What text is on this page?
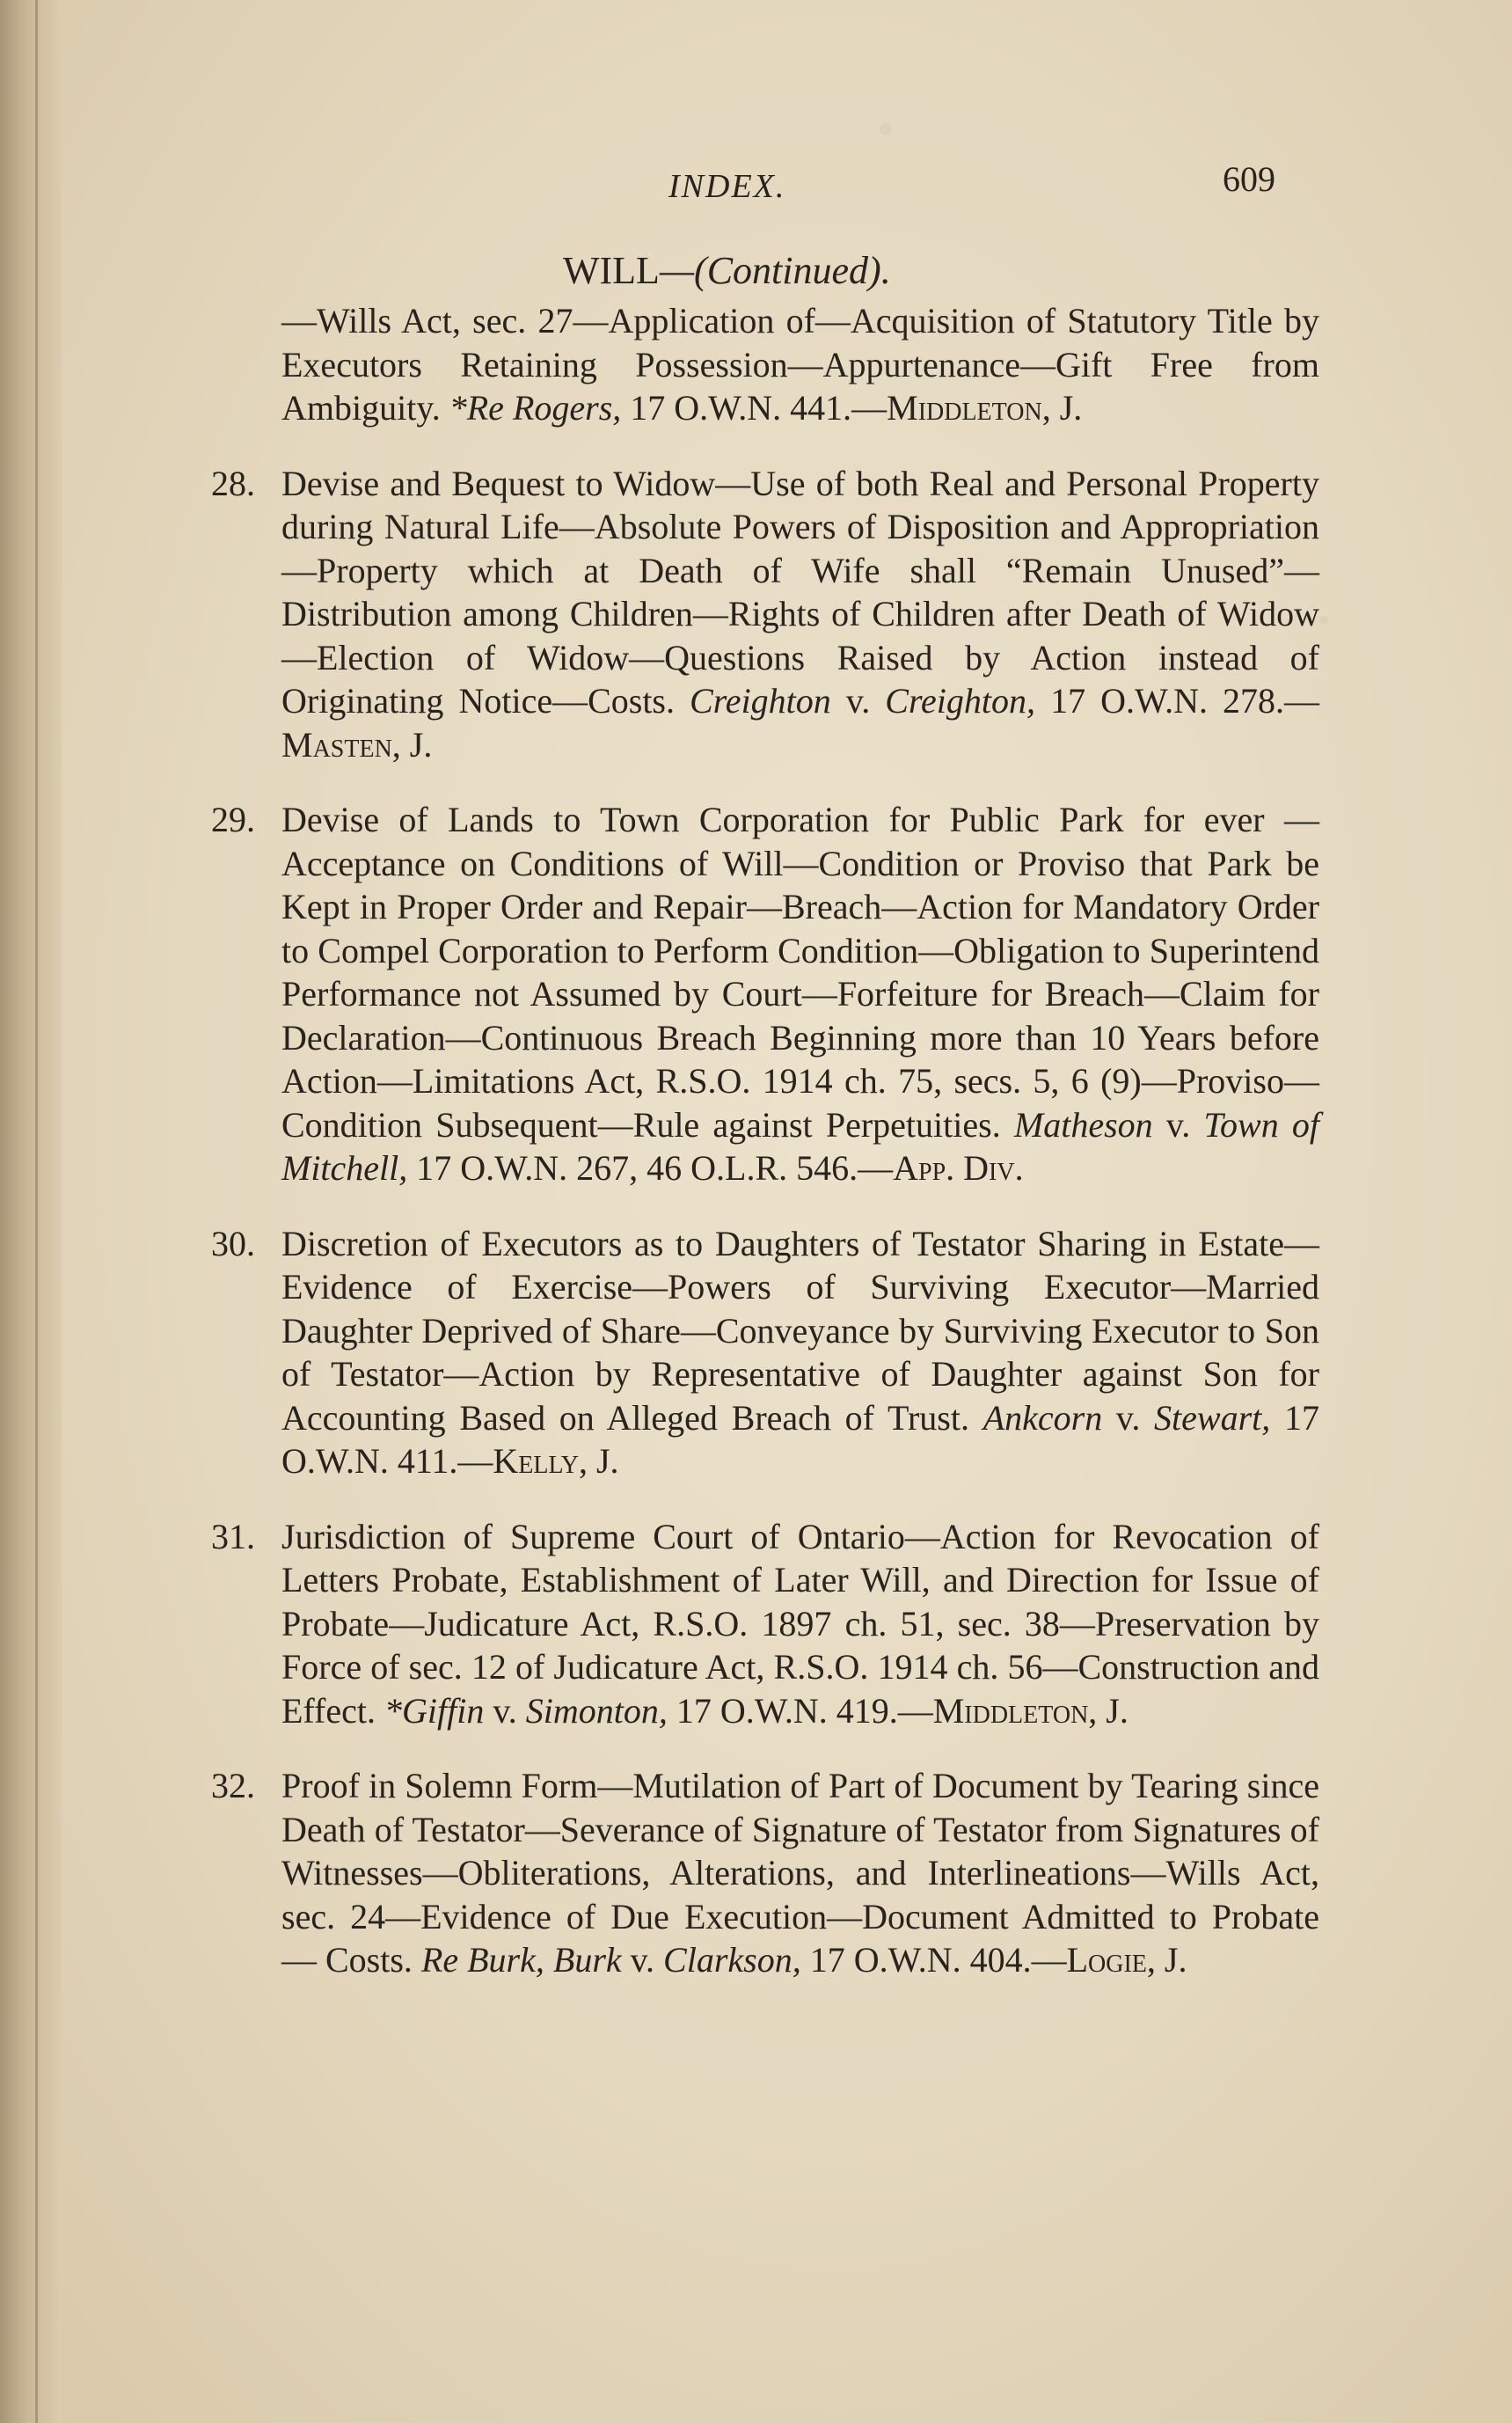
INDEX.	609
WILL—(Continued).

—Wills Act, sec. 27—Application of—Acquisition of Statutory Title by Executors Retaining Possession—Appurtenance—Gift Free from Ambiguity. *Re Rogers, 17 O.W.N. 441.—Middleton, J.

28. Devise and Bequest to Widow—Use of both Real and Personal Property during Natural Life—Absolute Powers of Disposition and Appropriation—Property which at Death of Wife shall “Remain Unused”—Distribution among Children—Rights of Children after Death of Widow—Election of Widow—Questions Raised by Action instead of Originating Notice—Costs. Creighton v. Creighton, 17 O.W.N. 278.—Masten, J.

29. Devise of Lands to Town Corporation for Public Park for ever —Acceptance on Conditions of Will—Condition or Proviso that Park be Kept in Proper Order and Repair—Breach—Action for Mandatory Order to Compel Corporation to Perform Condition—Obligation to Superintend Performance not Assumed by Court—Forfeiture for Breach—Claim for Declaration—Continuous Breach Beginning more than 10 Years before Action—Limitations Act, R.S.O. 1914 ch. 75, secs. 5, 6 (9)—Proviso—Condition Subsequent—Rule against Perpetuities. Matheson v. Town of Mitchell, 17 O.W.N. 267, 46 O.L.R. 546.—App. Div.

30. Discretion of Executors as to Daughters of Testator Sharing in Estate—Evidence of Exercise—Powers of Surviving Executor—Married Daughter Deprived of Share—Conveyance by Surviving Executor to Son of Testator—Action by Representative of Daughter against Son for Accounting Based on Alleged Breach of Trust. Ankcorn v. Stewart, 17 O.W.N. 411.—Kelly, J.

31. Jurisdiction of Supreme Court of Ontario—Action for Revocation of Letters Probate, Establishment of Later Will, and Direction for Issue of Probate—Judicature Act, R.S.O. 1897 ch. 51, sec. 38—Preservation by Force of sec. 12 of Judicature Act, R.S.O. 1914 ch. 56—Construction and Effect. *Giffin v. Simonton, 17 O.W.N. 419.—Middleton, J.

32. Proof in Solemn Form—Mutilation of Part of Document by Tearing since Death of Testator—Severance of Signature of Testator from Signatures of Witnesses—Obliterations, Alterations, and Interlineations—Wills Act, sec. 24—Evidence of Due Execution—Document Admitted to Probate — Costs. Re Burk, Burk v. Clarkson, 17 O.W.N. 404.—Logie, J.
